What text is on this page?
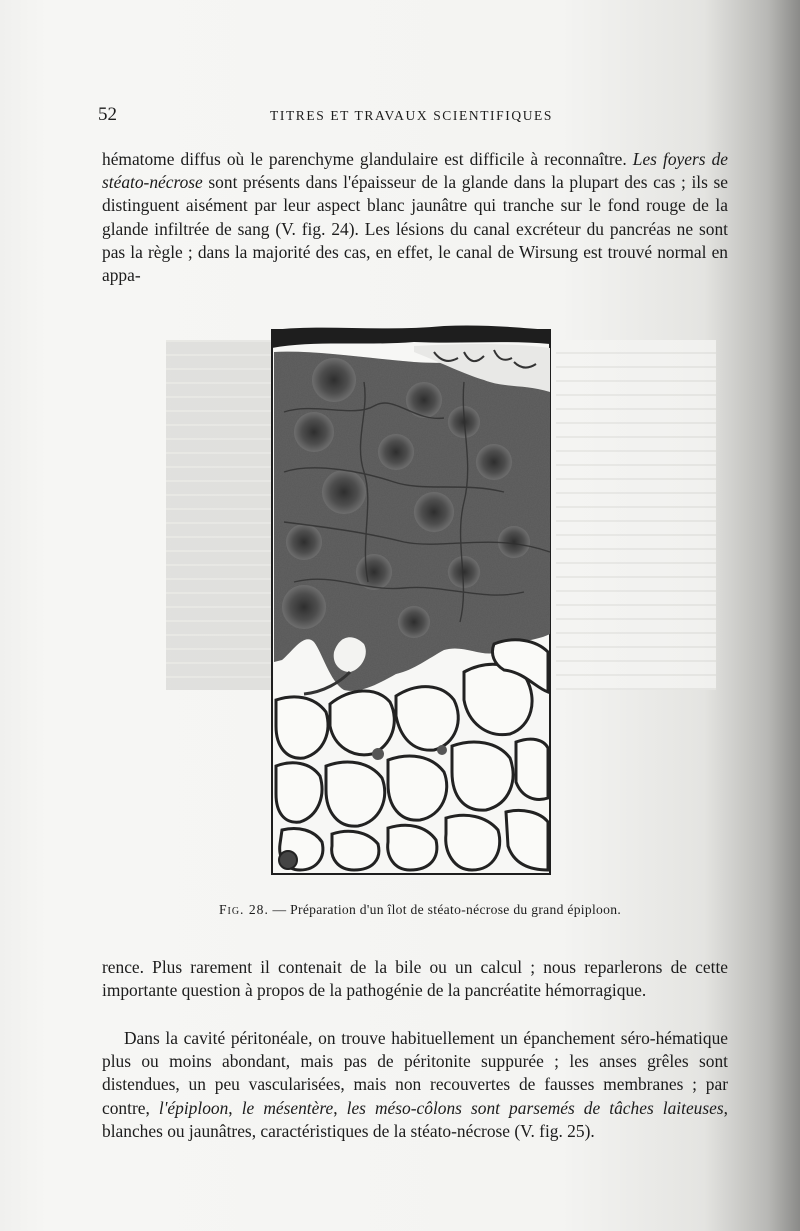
52	TITRES ET TRAVAUX SCIENTIFIQUES

hématome diffus où le parenchyme glandulaire est difficile à reconnaître. Les foyers de stéato-nécrose sont présents dans l'épaisseur de la glande dans la plupart des cas ; ils se distinguent aisément par leur aspect blanc jaunâtre qui tranche sur le fond rouge de la glande infiltrée de sang (V. fig. 24). Les lésions du canal excréteur du pancréas ne sont pas la règle ; dans la majorité des cas, en effet, le canal de Wirsung est trouvé normal en appa-

Fig. 28. — Préparation d'un îlot de stéato-nécrose du grand épiploon.

rence. Plus rarement il contenait de la bile ou un calcul ; nous reparlerons de cette importante question à propos de la pathogénie de la pancréatite hémorragique.

Dans la cavité péritonéale, on trouve habituellement un épanchement séro-hématique plus ou moins abondant, mais pas de péritonite suppurée ; les anses grêles sont distendues, un peu vascularisées, mais non recouvertes de fausses membranes ; par contre, l'épiploon, le mésentère, les méso-côlons sont parsemés de tâches laiteuses, blanches ou jaunâtres, caractéristiques de la stéato-nécrose (V. fig. 25).
